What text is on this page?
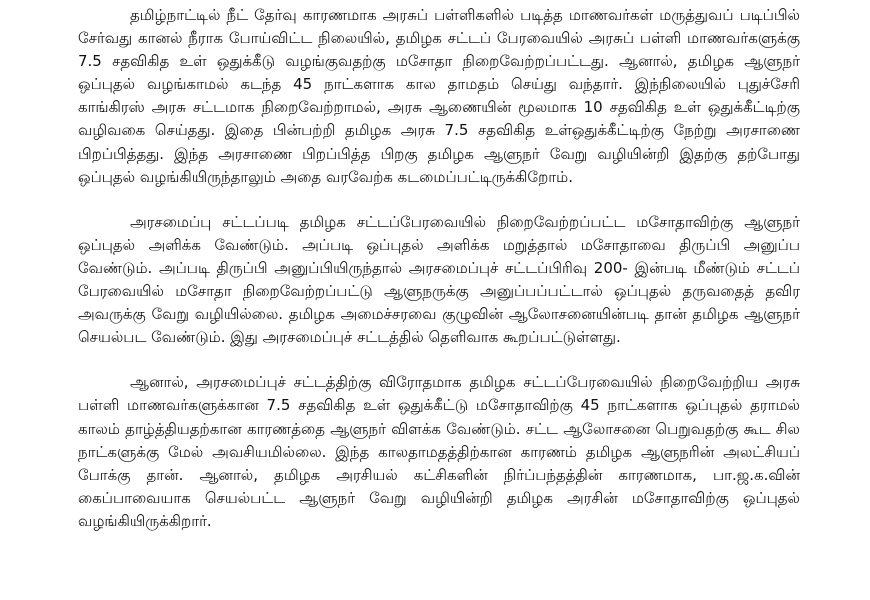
தமிழ்நாட்டில் நீட் தேர்வு காரணமாக அரசுப் பள்ளிகளில் படித்த மாணவர்கள் மருத்துவப் படிப்பில் சேர்வது கானல் நீராக போய்விட்ட நிலையில், தமிழக சட்டப் பேரவையில் அரசுப் பள்ளி மாணவர்களுக்கு 7.5 சதவிகித உள் ஒதுக்கீடு வழங்குவதற்கு மசோதா நிறைவேற்றப்பட்டது. ஆனால், தமிழக ஆளுநர் ஒப்புதல் வழங்காமல் கடந்த 45 நாட்களாக கால தாமதம் செய்து வந்தார். இந்நிலையில் புதுச்சேரி காங்கிரஸ் அரசு சட்டமாக நிறைவேற்றாமல், அரசு ஆணையின் மூலமாக 10 சதவிகித உள் ஒதுக்கீட்டிற்கு வழிவகை செய்தது. இதை பின்பற்றி தமிழக அரசு 7.5 சதவிகித உள்ஒதுக்கீட்டிற்கு நேற்று அரசாணை பிறப்பித்தது. இந்த அரசாணை பிறப்பித்த பிறகு தமிழக ஆளுநர் வேறு வழியின்றி இதற்கு தற்போது ஒப்புதல் வழங்கியிருந்தாலும் அதை வரவேற்க கடமைப்பட்டிருக்கிறோம்.

அரசமைப்பு சட்டப்படி தமிழக சட்டப்பேரவையில் நிறைவேற்றப்பட்ட மசோதாவிற்கு ஆளுநர் ஒப்புதல் அளிக்க வேண்டும். அப்படி ஒப்புதல் அளிக்க மறுத்தால் மசோதாவை திருப்பி அனுப்ப வேண்டும். அப்படி திருப்பி அனுப்பியிருந்தால் அரசமைப்புச் சட்டப்பிரிவு 200- இன்படி மீண்டும் சட்டப் பேரவையில் மசோதா நிறைவேற்றப்பட்டு ஆளுநருக்கு அனுப்பப்பட்டால் ஒப்புதல் தருவதைத் தவிர அவருக்கு வேறு வழியில்லை. தமிழக அமைச்சரவை குழுவின் ஆலோசனையின்படி தான் தமிழக ஆளுநர் செயல்பட வேண்டும். இது அரசமைப்புச் சட்டத்தில் தெளிவாக கூறப்பட்டுள்ளது.

ஆனால், அரசமைப்புச் சட்டத்திற்கு விரோதமாக தமிழக சட்டப்பேரவையில் நிறைவேற்றிய அரசு பள்ளி மாணவர்களுக்கான 7.5 சதவிகித உள் ஒதுக்கீட்டு மசோதாவிற்கு 45 நாட்களாக ஒப்புதல் தராமல் காலம் தாழ்த்தியதற்கான காரணத்தை ஆளுநர் விளக்க வேண்டும். சட்ட ஆலோசனை பெறுவதற்கு கூட சில நாட்களுக்கு மேல் அவசியமில்லை. இந்த காலதாமதத்திற்கான காரணம் தமிழக ஆளுநரின் அலட்சியப் போக்கு தான். ஆனால், தமிழக அரசியல் கட்சிகளின் நிர்ப்பந்தத்தின் காரணமாக, பா.ஜ.க.வின் கைப்பாவையாக செயல்பட்ட ஆளுநர் வேறு வழியின்றி தமிழக அரசின் மசோதாவிற்கு ஒப்புதல் வழங்கியிருக்கிறார்.
